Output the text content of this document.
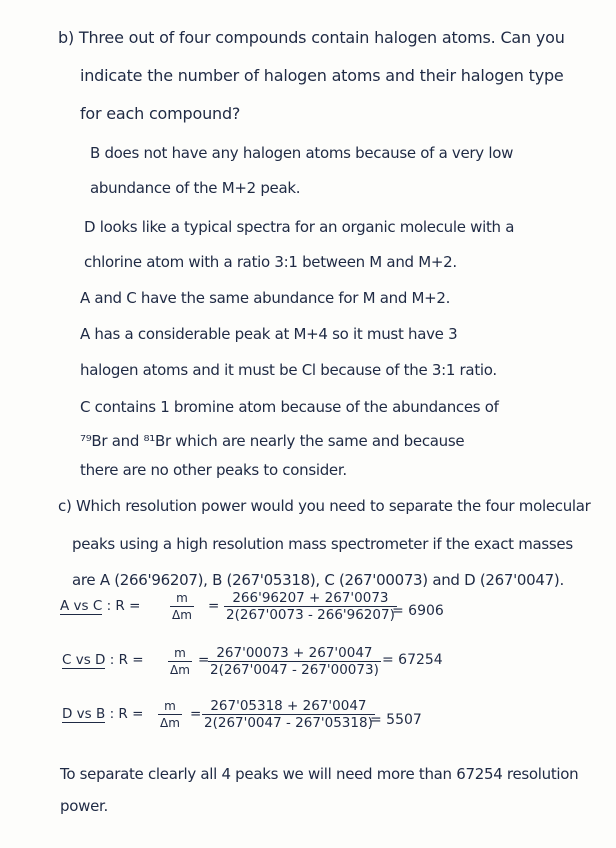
b) Three out of four compounds contain halogen atoms. Can you
indicate the number of halogen atoms and their halogen type
for each compound?
B does not have any halogen atoms because of a very low
abundance of the M+2 peak.
D looks like a typical spectra for an organic molecule with a
chlorine atom with a ratio 3:1 between M and M+2.
A and C have the same abundance for M and M+2.
A has a considerable peak at M+4 so it must have 3
halogen atoms and it must be Cl because of the 3:1 ratio.
C contains 1 bromine atom because of the abundances of
⁷⁹Br and ⁸¹Br which are nearly the same and because
there are no other peaks to consider.
c) Which resolution power would you need to separate the four molecular
peaks using a high resolution mass spectrometer if the exact masses
are A (266'96207), B (267'05318), C (267'00073) and D (267'0047).
A vs C : $R = \frac{m}{\Delta m} = \frac{266'96207 + 267'0073}{2(267'0073 - 266'96207)}$
= 6906
C vs D : $R = \frac{m}{\Delta m}$ =
$\frac{267'00073 + 267'0047}{2(267'0047 - 267'00073)} = 67254$
D vs B : $R = \frac{m}{\Delta m} = \frac{267'05318 + 267'0047}{2(267'0047 - 267'05318)}$
= 5507
To separate clearly all 4 peaks we will need more than 67254 resolution
power.
